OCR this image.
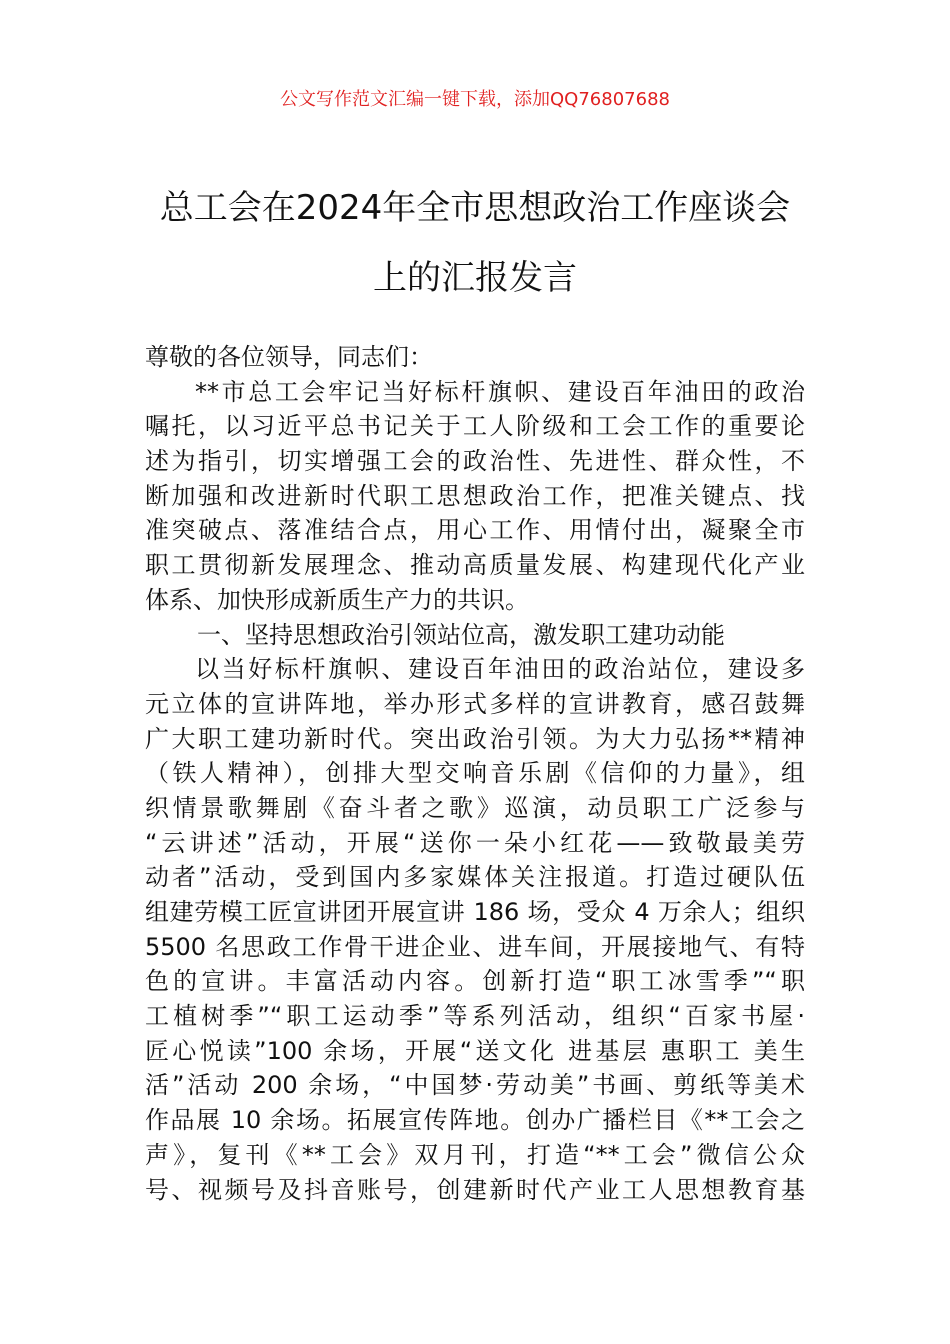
公文写作范文汇编一键下载，添加QQ76807688
总工会在2024年全市思想政治工作座谈会
上的汇报发言
尊敬的各位领导，同志们：
**市总工会牢记当好标杆旗帜、建设百年油田的政治
嘱托，以习近平总书记关于工人阶级和工会工作的重要论
述为指引，切实增强工会的政治性、先进性、群众性，不
断加强和改进新时代职工思想政治工作，把准关键点、找
准突破点、落准结合点，用心工作、用情付出，凝聚全市
职工贯彻新发展理念、推动高质量发展、构建现代化产业
体系、加快形成新质生产力的共识。
一、坚持思想政治引领站位高，激发职工建功动能
以当好标杆旗帜、建设百年油田的政治站位，建设多
元立体的宣讲阵地，举办形式多样的宣讲教育，感召鼓舞
广大职工建功新时代。突出政治引领。为大力弘扬**精神
（铁人精神），创排大型交响音乐剧《信仰的力量》，组
织情景歌舞剧《奋斗者之歌》巡演，动员职工广泛参与
“云讲述”活动，开展“送你一朵小红花——致敬最美劳
动者”活动，受到国内多家媒体关注报道。打造过硬队伍
组建劳模工匠宣讲团开展宣讲 186 场，受众 4 万余人；组织
5500 名思政工作骨干进企业、进车间，开展接地气、有特
色的宣讲。丰富活动内容。创新打造“职工冰雪季”“职
工植树季”“职工运动季”等系列活动，组织“百家书屋·
匠心悦读”100 余场，开展“送文化 进基层 惠职工 美生
活”活动 200 余场，“中国梦·劳动美”书画、剪纸等美术
作品展 10 余场。拓展宣传阵地。创办广播栏目《**工会之
声》，复刊《**工会》双月刊，打造“**工会”微信公众
号、视频号及抖音账号，创建新时代产业工人思想教育基
